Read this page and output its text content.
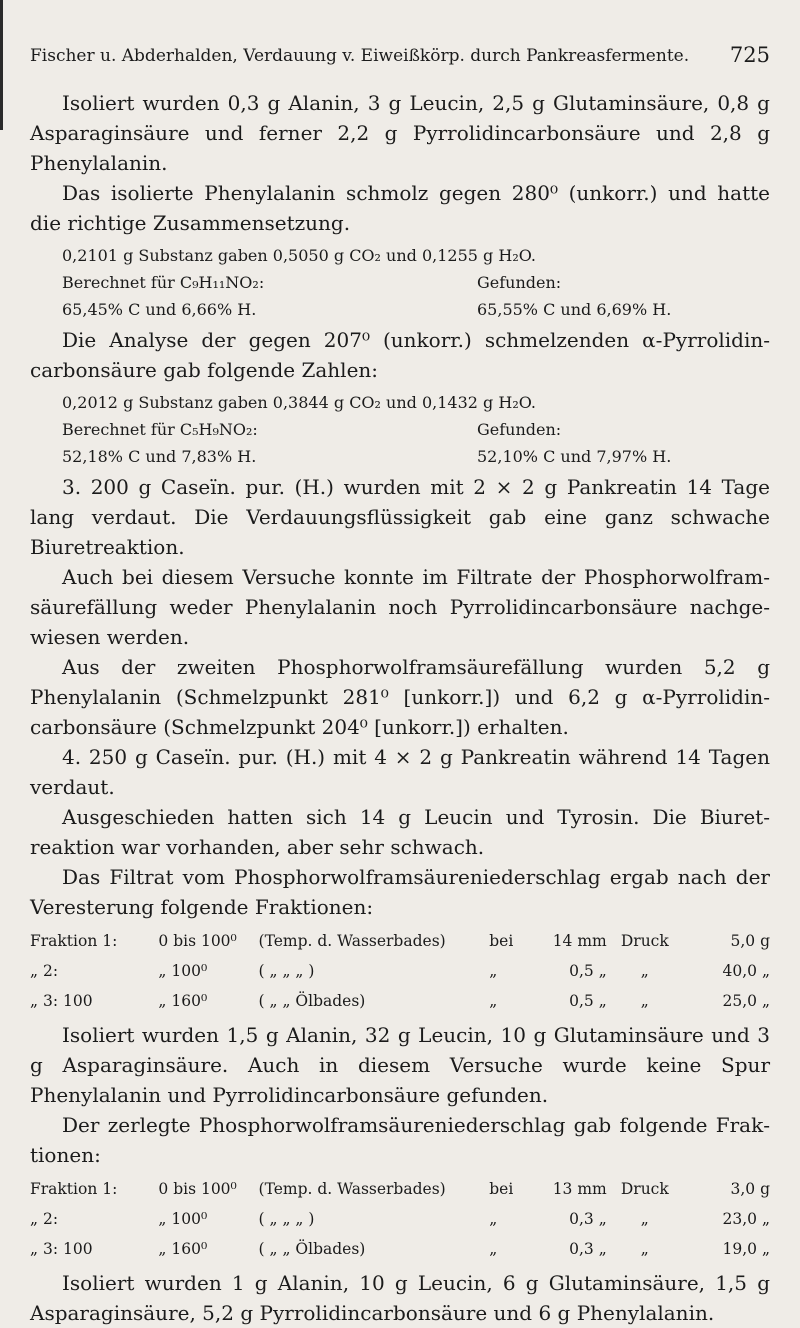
Fischer u. Abderhalden, Verdauung v. Eiweißkörp. durch Pankreasfermente. 725

Isoliert wurden 0,3 g Alanin, 3 g Leucin, 2,5 g Glutaminsäure, 0,8 g Asparaginsäure und ferner 2,2 g Pyrrolidincarbonsäure und 2,8 g Phenylalanin.

Das isolierte Phenylalanin schmolz gegen 280⁰ (unkorr.) und hatte die richtige Zusammensetzung.

0,2101 g Substanz gaben 0,5050 g CO₂ und 0,1255 g H₂O.
Berechnet für C₉H₁₁NO₂:	Gefunden:
65,45% C und 6,66% H.	65,55% C und 6,69% H.

Die Analyse der gegen 207⁰ (unkorr.) schmelzenden α-Pyrrolidincarbonsäure gab folgende Zahlen:

0,2012 g Substanz gaben 0,3844 g CO₂ und 0,1432 g H₂O.
Berechnet für C₅H₉NO₂:	Gefunden:
52,18% C und 7,83% H.	52,10% C und 7,97% H.

3. 200 g Caseïn. pur. (H.) wurden mit 2 × 2 g Pankreatin 14 Tage lang verdaut. Die Verdauungsflüssigkeit gab eine ganz schwache Biuretreaktion.

Auch bei diesem Versuche konnte im Filtrate der Phosphorwolframsäurefällung weder Phenylalanin noch Pyrrolidincarbonsäure nachgewiesen werden.

Aus der zweiten Phosphorwolframsäurefällung wurden 5,2 g Phenylalanin (Schmelzpunkt 281⁰ [unkorr.]) und 6,2 g α-Pyrrolidincarbonsäure (Schmelzpunkt 204⁰ [unkorr.]) erhalten.

4. 250 g Caseïn. pur. (H.) mit 4 × 2 g Pankreatin während 14 Tagen verdaut.

Ausgeschieden hatten sich 14 g Leucin und Tyrosin. Die Biuretreaktion war vorhanden, aber sehr schwach.

Das Filtrat vom Phosphorwolframsäureniederschlag ergab nach der Veresterung folgende Fraktionen:

Fraktion 1:	0 bis 100⁰	(Temp. d. Wasserbades)	bei	14 mm	Druck	5,0 g
„ 2:	„ 100⁰	( „ „ „ )	„	0,5 „	„	40,0 „
„ 3: 100	„ 160⁰	( „ „ Ölbades)	„	0,5 „	„	25,0 „

Isoliert wurden 1,5 g Alanin, 32 g Leucin, 10 g Glutaminsäure und 3 g Asparaginsäure. Auch in diesem Versuche wurde keine Spur Phenylalanin und Pyrrolidincarbonsäure gefunden.

Der zerlegte Phosphorwolframsäureniederschlag gab folgende Fraktionen:

Fraktion 1:	0 bis 100⁰	(Temp. d. Wasserbades)	bei	13 mm	Druck	3,0 g
„ 2:	„ 100⁰	( „ „ „ )	„	0,3 „	„	23,0 „
„ 3: 100	„ 160⁰	( „ „ Ölbades)	„	0,3 „	„	19,0 „

Isoliert wurden 1 g Alanin, 10 g Leucin, 6 g Glutaminsäure, 1,5 g Asparaginsäure, 5,2 g Pyrrolidincarbonsäure und 6 g Phenylalanin.
